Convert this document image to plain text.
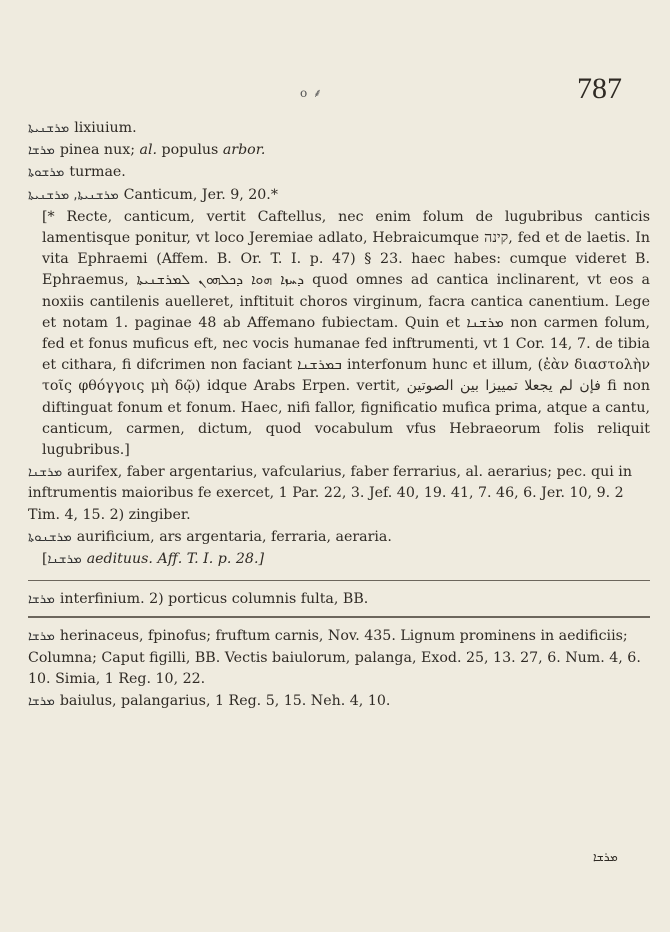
o ⸙	787
ܡܪܫܢܝܬܐ lixiuium.
ܡܪܫܐ pinea nux; al. populus arbor.
ܡܪܫܘܬܐ turmae.
ܡܪܫܢܝܬܐ, ܡܪܫܢܝܬܐ Canticum, Jer. 9, 20.*
[* Recte, canticum, vertit Caftellus, nec enim folum de lugubribus canticis lamentisque ponitur, vt loco Jeremiae adlato, Hebraicumque קינה, fed et de laetis. In vita Ephraemi (Affem. B. Or. T. I. p. 47) § 23. haec habes: cumque videret B. Ephraemus, ܕܚܙܐ ܗܘܐ ܕܟܠܗܘܢ ܠܡܪܫܢܝܬܐ quod omnes ad cantica inclinarent, vt eos a noxiis cantilenis auelleret, inftituit choros virginum, facra cantica canentium. Lege et notam 1. paginae 48 ab Affemano fubiectam. Quin et ܡܪܫܢܐ non carmen folum, fed et fonus muficus eft, nec vocis humanae fed inftrumenti, vt 1 Cor. 14, 7. de tibia et cithara, fi difcrimen non faciant ܒܡܪܫܢܐ interfonum hunc et illum, (ἐὰν διαστολὴν τοῖς φθόγγοις μὴ δῷ) idque Arabs Erpen. vertit, فإن لم يجعلا تمييزا بين الصوتين fi non diftinguat fonum et fonum. Haec, nifi fallor, fignificatio mufica prima, atque a cantu, canticum, carmen, dictum, quod vocabulum vfus Hebraeorum folis reliquit lugubribus.]
ܡܪܫܢܐ aurifex, faber argentarius, vafcularius, faber ferrarius, al. aerarius; pec. qui in inftrumentis maioribus fe exercet, 1 Par. 22, 3. Jef. 40, 19. 41, 7. 46, 6. Jer. 10, 9. 2 Tim. 4, 15. 2) zingiber.
ܡܪܫܢܘܬܐ aurificium, ars argentaria, ferraria, aeraria.
[ܡܪܫܢܐ aedituus. Aff. T. I. p. 28.]
ܡܪܫܐ interfinium. 2) porticus columnis fulta, BB.
ܡܪܫܐ herinaceus, fpinofus; fruftum carnis, Nov. 435. Lignum prominens in aedificiis; Columna; Caput figilli, BB. Vectis baiulorum, palanga, Exod. 25, 13. 27, 6. Num. 4, 6. 10. Simia, 1 Reg. 10, 22.
ܡܪܫܐ baiulus, palangarius, 1 Reg. 5, 15. Neh. 4, 10.
ܡܪܫܐ
